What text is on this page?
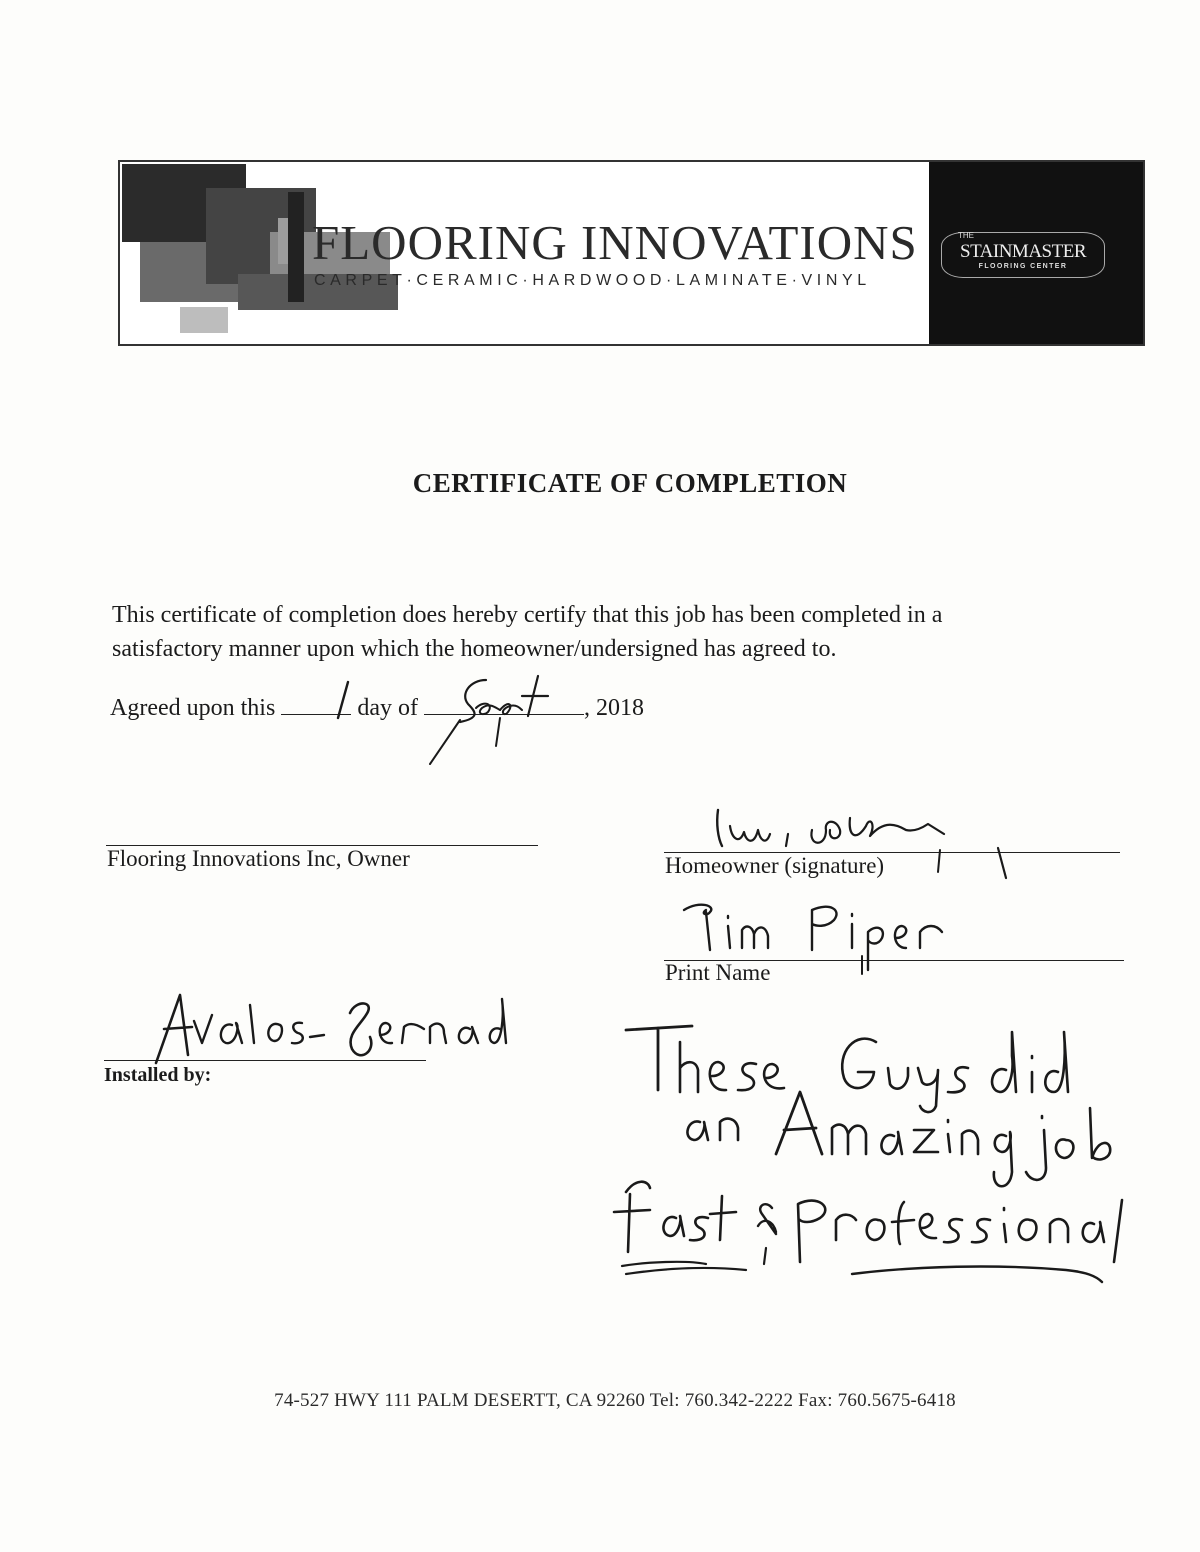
FLOORING INNOVATIONS
CARPET·CERAMIC·HARDWOOD·LAMINATE·VINYL
THE
STAINMASTER
FLOORING CENTER
CERTIFICATE OF COMPLETION
This certificate of completion does hereby certify that this job has been completed in a
satisfactory manner upon which the homeowner/undersigned has agreed to.
Agreed upon this	day of	, 2018
Flooring Innovations Inc, Owner	Homeowner (signature)
Print Name
Installed by:
74-527 HWY 111 PALM DESERTT, CA 92260 Tel: 760.342-2222 Fax: 760.5675-6418
